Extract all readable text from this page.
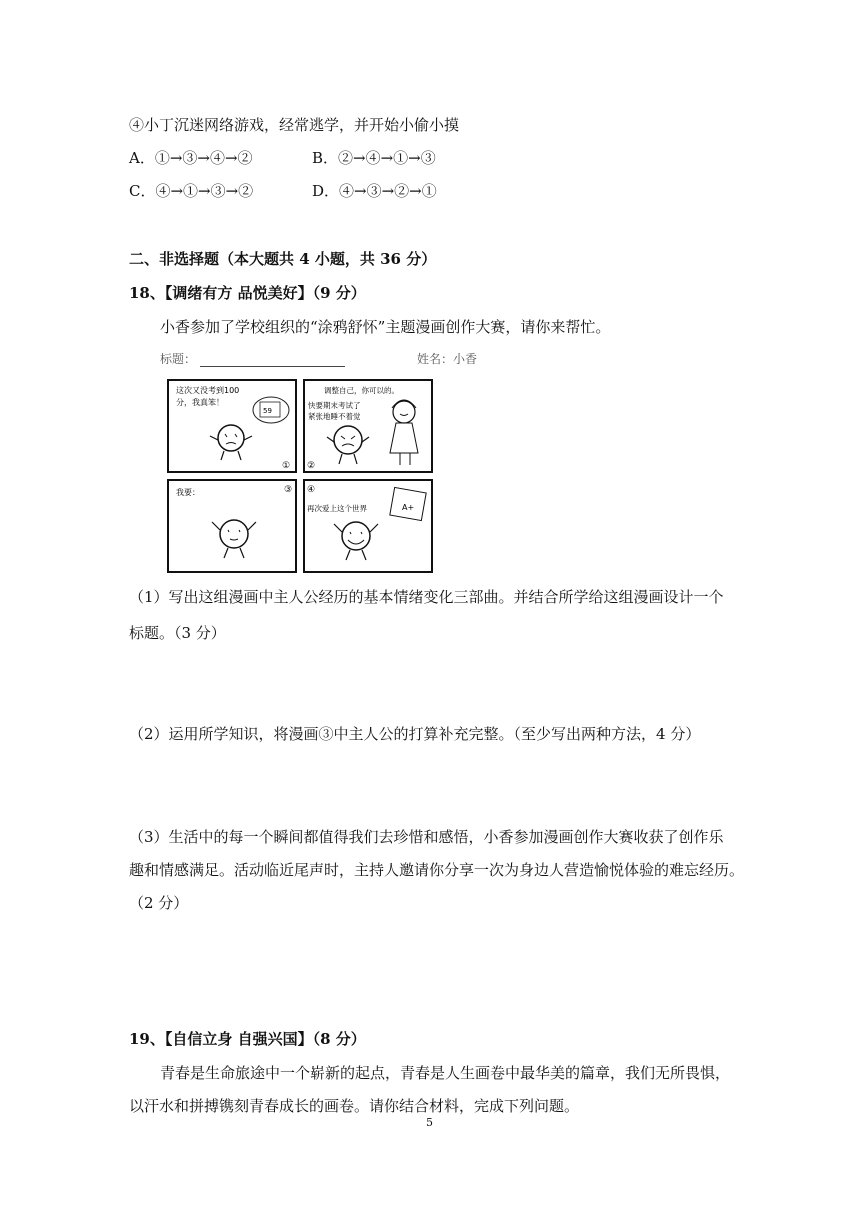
④小丁沉迷网络游戏，经常逃学，并开始小偷小摸
A．①→③→④→②	B．②→④→①→③
C．④→①→③→②	D．④→③→②→①
二、非选择题（本大题共 4 小题，共 36 分）
18、【调绪有方 品悦美好】（9 分）
小香参加了学校组织的“涂鸦舒怀”主题漫画创作大赛，请你来帮忙。
标题：	姓名：小香
这次又没考到100
分，我真笨！
59
①
调整自己，你可以的。
快要期末考试了
紧张地睡不着觉
②
我要：	③ ④
再次爱上这个世界	A+
（1）写出这组漫画中主人公经历的基本情绪变化三部曲。并结合所学给这组漫画设计一个
标题。（3 分）
（2）运用所学知识，将漫画③中主人公的打算补充完整。（至少写出两种方法，4 分）
（3）生活中的每一个瞬间都值得我们去珍惜和感悟，小香参加漫画创作大赛收获了创作乐
趣和情感满足。活动临近尾声时，主持人邀请你分享一次为身边人营造愉悦体验的难忘经历。
（2 分）
19、【自信立身 自强兴国】（8 分）
青春是生命旅途中一个崭新的起点，青春是人生画卷中最华美的篇章，我们无所畏惧，
以汗水和拼搏镌刻青春成长的画卷。请你结合材料，完成下列问题。
5
